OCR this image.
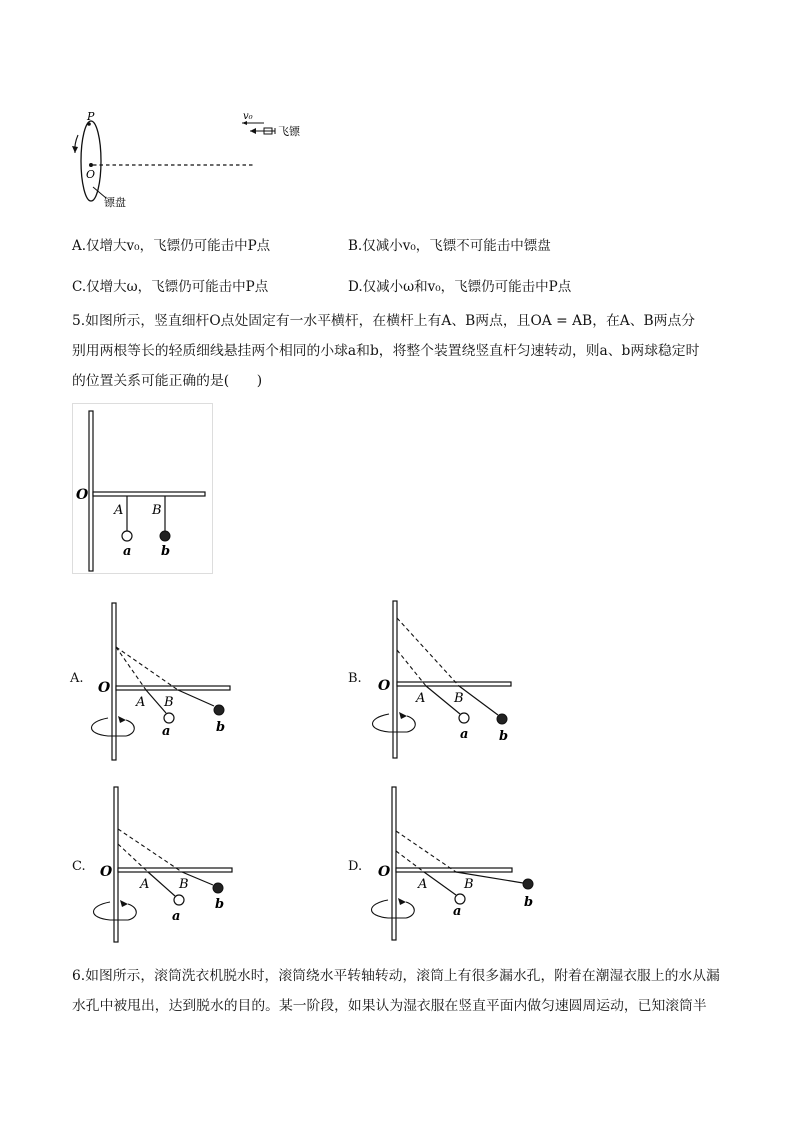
P
O
v₀
飞镖
镖盘
A.仅增大v₀，飞镖仍可能击中P点	B.仅减小v₀，飞镖不可能击中镖盘
C.仅增大ω，飞镖仍可能击中P点	D.仅减小ω和v₀，飞镖仍可能击中P点

5.如图所示，竖直细杆O点处固定有一水平横杆，在横杆上有A、B两点，且OA = AB，在A、B两点分

别用两根等长的轻质细线悬挂两个相同的小球a和b，将整个装置绕竖直杆匀速转动，则a、b两球稳定时

的位置关系可能正确的是(　　)

O
A B
a b
A.
O
A B
a	b
B. O
A B
a b
C. O
A B
a
b
D. O
A	B
a
b

6.如图所示，滚筒洗衣机脱水时，滚筒绕水平转轴转动，滚筒上有很多漏水孔，附着在潮湿衣服上的水从漏

水孔中被甩出，达到脱水的目的。某一阶段，如果认为湿衣服在竖直平面内做匀速圆周运动，已知滚筒半
